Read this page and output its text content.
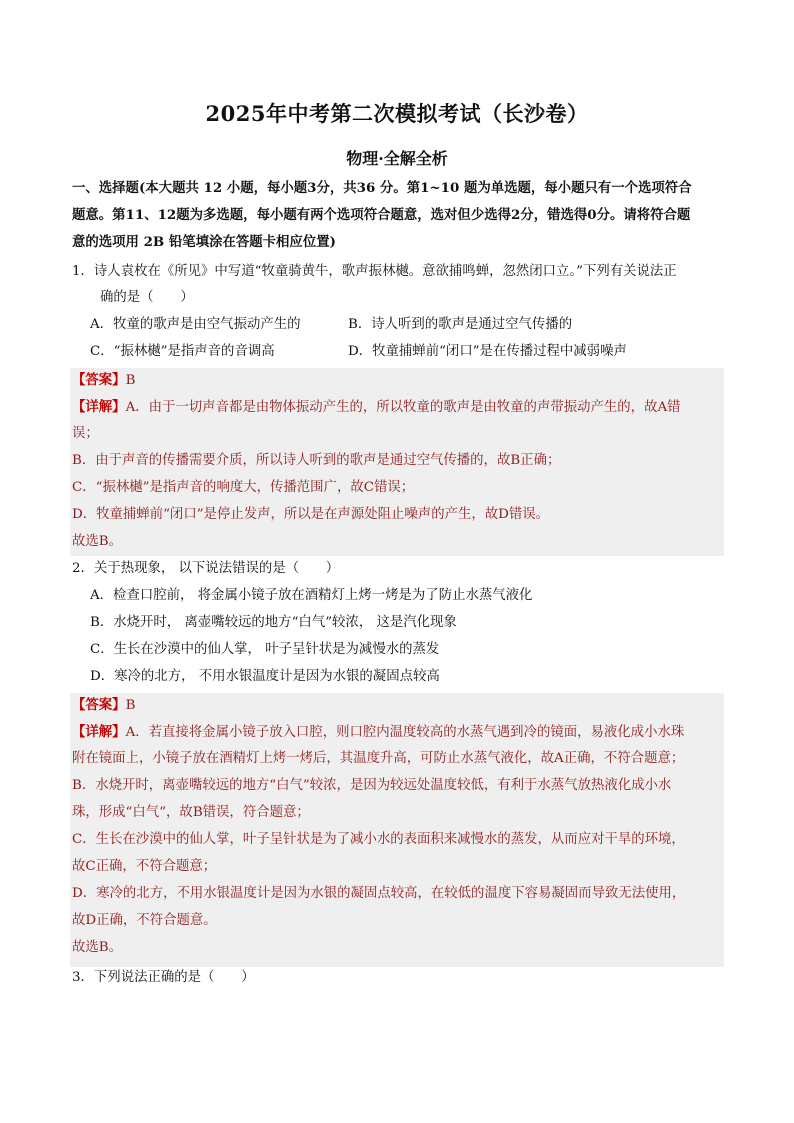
2025年中考第二次模拟考试（长沙卷）
物理·全解全析
一、选择题(本大题共 12 小题，每小题3分，共36 分。第1~10 题为单选题，每小题只有一个选项符合
题意。第11、12题为多选题，每小题有两个选项符合题意，选对但少选得2分，错选得0分。请将符合题
意的选项用 2B 铅笔填涂在答题卡相应位置)
1．诗人袁枚在《所见》中写道“牧童骑黄牛，歌声振林樾。意欲捕鸣蝉，忽然闭口立。”下列有关说法正
确的是（　　）
A．牧童的歌声是由空气振动产生的	B．诗人听到的歌声是通过空气传播的
C．“振林樾”是指声音的音调高	D．牧童捕蝉前“闭口”是在传播过程中减弱噪声
【答案】B
【详解】A．由于一切声音都是由物体振动产生的，所以牧童的歌声是由牧童的声带振动产生的，故A错
误；
B．由于声音的传播需要介质，所以诗人听到的歌声是通过空气传播的，故B正确；
C．“振林樾”是指声音的响度大，传播范围广，故C错误；
D．牧童捕蝉前“闭口”是停止发声，所以是在声源处阻止噪声的产生，故D错误。
故选B。
2．关于热现象， 以下说法错误的是（　　）
A．检查口腔前， 将金属小镜子放在酒精灯上烤一烤是为了防止水蒸气液化
B．水烧开时， 离壶嘴较远的地方“白气”较浓， 这是汽化现象
C．生长在沙漠中的仙人掌， 叶子呈针状是为减慢水的蒸发
D．寒冷的北方， 不用水银温度计是因为水银的凝固点较高
【答案】B
【详解】A．若直接将金属小镜子放入口腔，则口腔内温度较高的水蒸气遇到冷的镜面，易液化成小水珠
附在镜面上，小镜子放在酒精灯上烤一烤后，其温度升高，可防止水蒸气液化，故A正确，不符合题意；
B．水烧开时，离壶嘴较远的地方“白气”较浓，是因为较远处温度较低，有利于水蒸气放热液化成小水
珠，形成“白气”，故B错误，符合题意；
C．生长在沙漠中的仙人掌，叶子呈针状是为了减小水的表面积来减慢水的蒸发，从而应对干旱的环境，
故C正确，不符合题意；
D．寒冷的北方，不用水银温度计是因为水银的凝固点较高，在较低的温度下容易凝固而导致无法使用，
故D正确，不符合题意。
故选B。
3．下列说法正确的是（　　）
